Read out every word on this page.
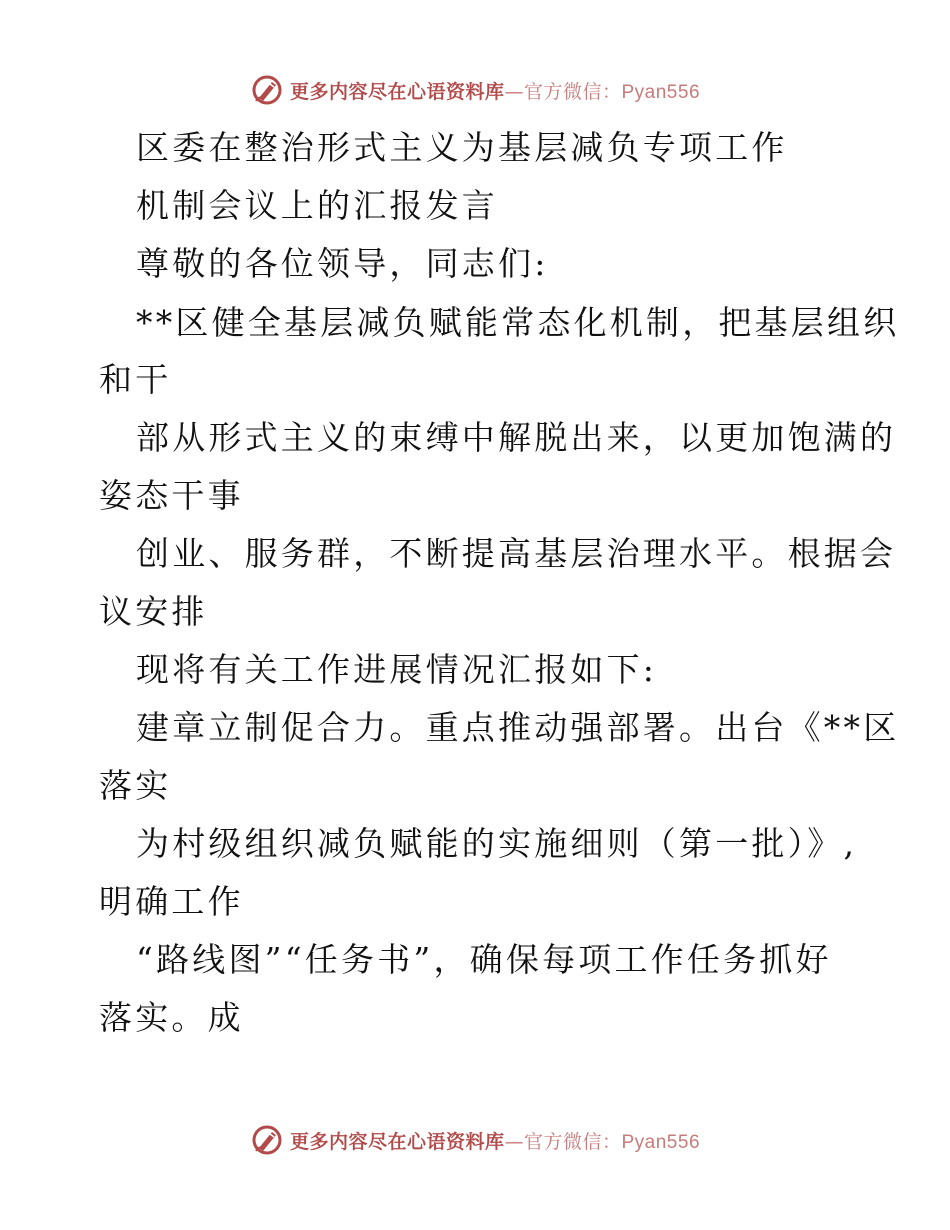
更多内容尽在心语资料库—官方微信：Pyan556
区委在整治形式主义为基层减负专项工作
机制会议上的汇报发言
尊敬的各位领导，同志们:
**区健全基层减负赋能常态化机制，把基层组织
和干
部从形式主义的束缚中解脱出来，以更加饱满的
姿态干事
创业、服务群，不断提高基层治理水平。根据会
议安排
现将有关工作进展情况汇报如下:
建章立制促合力。重点推动强部署。出台《**区
落实
为村级组织减负赋能的实施细则（第一批）》,
明确工作
“路线图”“任务书”，确保每项工作任务抓好
落实。成
更多内容尽在心语资料库—官方微信：Pyan556
